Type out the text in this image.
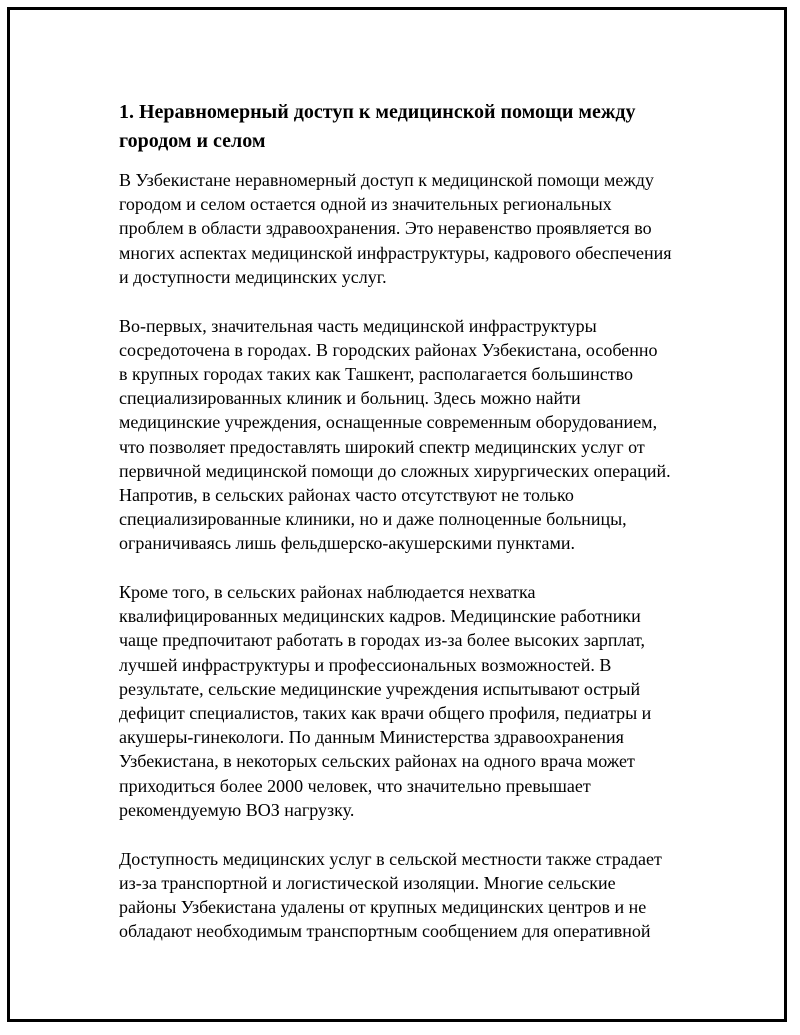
1. Неравномерный доступ к медицинской помощи между
городом и селом
В Узбекистане неравномерный доступ к медицинской помощи между
городом и селом остается одной из значительных региональных
проблем в области здравоохранения. Это неравенство проявляется во
многих аспектах медицинской инфраструктуры, кадрового обеспечения
и доступности медицинских услуг.
Во-первых, значительная часть медицинской инфраструктуры
сосредоточена в городах. В городских районах Узбекистана, особенно
в крупных городах таких как Ташкент, располагается большинство
специализированных клиник и больниц. Здесь можно найти
медицинские учреждения, оснащенные современным оборудованием,
что позволяет предоставлять широкий спектр медицинских услуг от
первичной медицинской помощи до сложных хирургических операций.
Напротив, в сельских районах часто отсутствуют не только
специализированные клиники, но и даже полноценные больницы,
ограничиваясь лишь фельдшерско-акушерскими пунктами.
Кроме того, в сельских районах наблюдается нехватка
квалифицированных медицинских кадров. Медицинские работники
чаще предпочитают работать в городах из-за более высоких зарплат,
лучшей инфраструктуры и профессиональных возможностей. В
результате, сельские медицинские учреждения испытывают острый
дефицит специалистов, таких как врачи общего профиля, педиатры и
акушеры-гинекологи. По данным Министерства здравоохранения
Узбекистана, в некоторых сельских районах на одного врача может
приходиться более 2000 человек, что значительно превышает
рекомендуемую ВОЗ нагрузку.
Доступность медицинских услуг в сельской местности также страдает
из-за транспортной и логистической изоляции. Многие сельские
районы Узбекистана удалены от крупных медицинских центров и не
обладают необходимым транспортным сообщением для оперативной
